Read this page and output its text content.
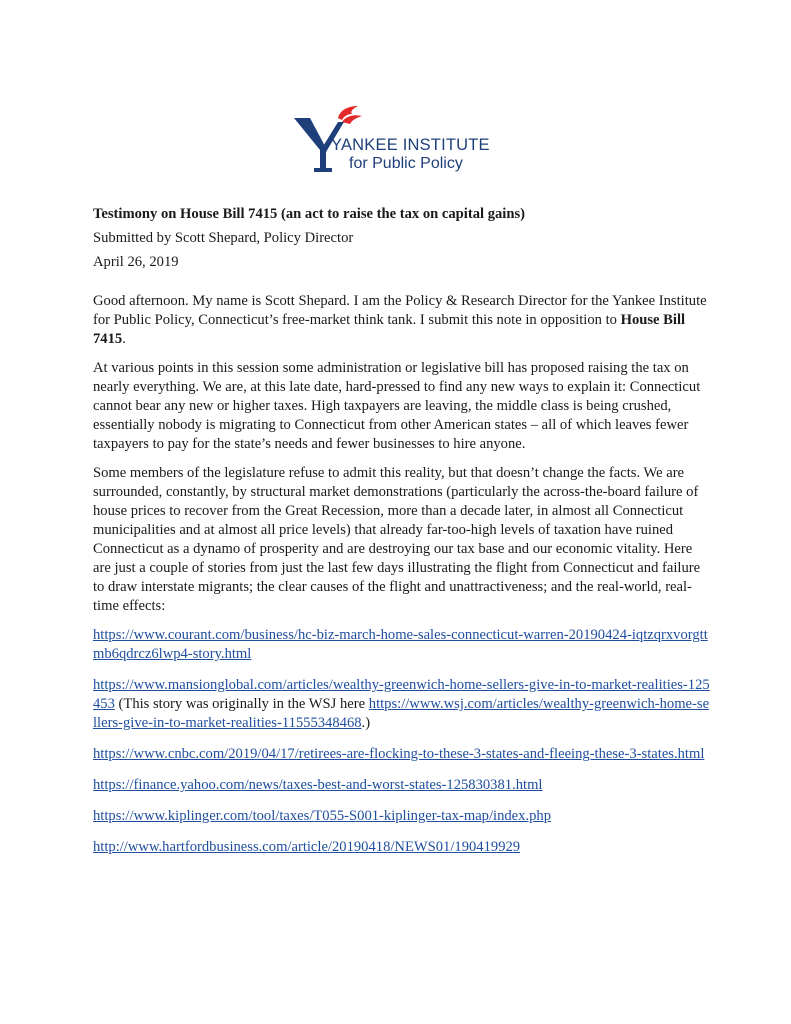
YANKEE INSTITUTE
for Public Policy
Testimony on House Bill 7415 (an act to raise the tax on capital gains)
Submitted by Scott Shepard, Policy Director
April 26, 2019

Good afternoon. My name is Scott Shepard. I am the Policy & Research Director for the Yankee Institute for Public Policy, Connecticut’s free-market think tank. I submit this note in opposition to House Bill 7415.

At various points in this session some administration or legislative bill has proposed raising the tax on nearly everything. We are, at this late date, hard-pressed to find any new ways to explain it: Connecticut cannot bear any new or higher taxes. High taxpayers are leaving, the middle class is being crushed, essentially nobody is migrating to Connecticut from other American states – all of which leaves fewer taxpayers to pay for the state’s needs and fewer businesses to hire anyone.

Some members of the legislature refuse to admit this reality, but that doesn’t change the facts. We are surrounded, constantly, by structural market demonstrations (particularly the across-the-board failure of house prices to recover from the Great Recession, more than a decade later, in almost all Connecticut municipalities and at almost all price levels) that already far-too-high levels of taxation have ruined Connecticut as a dynamo of prosperity and are destroying our tax base and our economic vitality. Here are just a couple of stories from just the last few days illustrating the flight from Connecticut and failure to draw interstate migrants; the clear causes of the flight and unattractiveness; and the real-world, real-time effects:

https://www.courant.com/business/hc-biz-march-home-sales-connecticut-warren-20190424-iqtzqrxvorgttmb6qdrcz6lwp4-story.html
https://www.mansionglobal.com/articles/wealthy-greenwich-home-sellers-give-in-to-market-realities-125453 (This story was originally in the WSJ here https://www.wsj.com/articles/wealthy-greenwich-home-sellers-give-in-to-market-realities-11555348468.)
https://www.cnbc.com/2019/04/17/retirees-are-flocking-to-these-3-states-and-fleeing-these-3-states.html
https://finance.yahoo.com/news/taxes-best-and-worst-states-125830381.html
https://www.kiplinger.com/tool/taxes/T055-S001-kiplinger-tax-map/index.php
http://www.hartfordbusiness.com/article/20190418/NEWS01/190419929
